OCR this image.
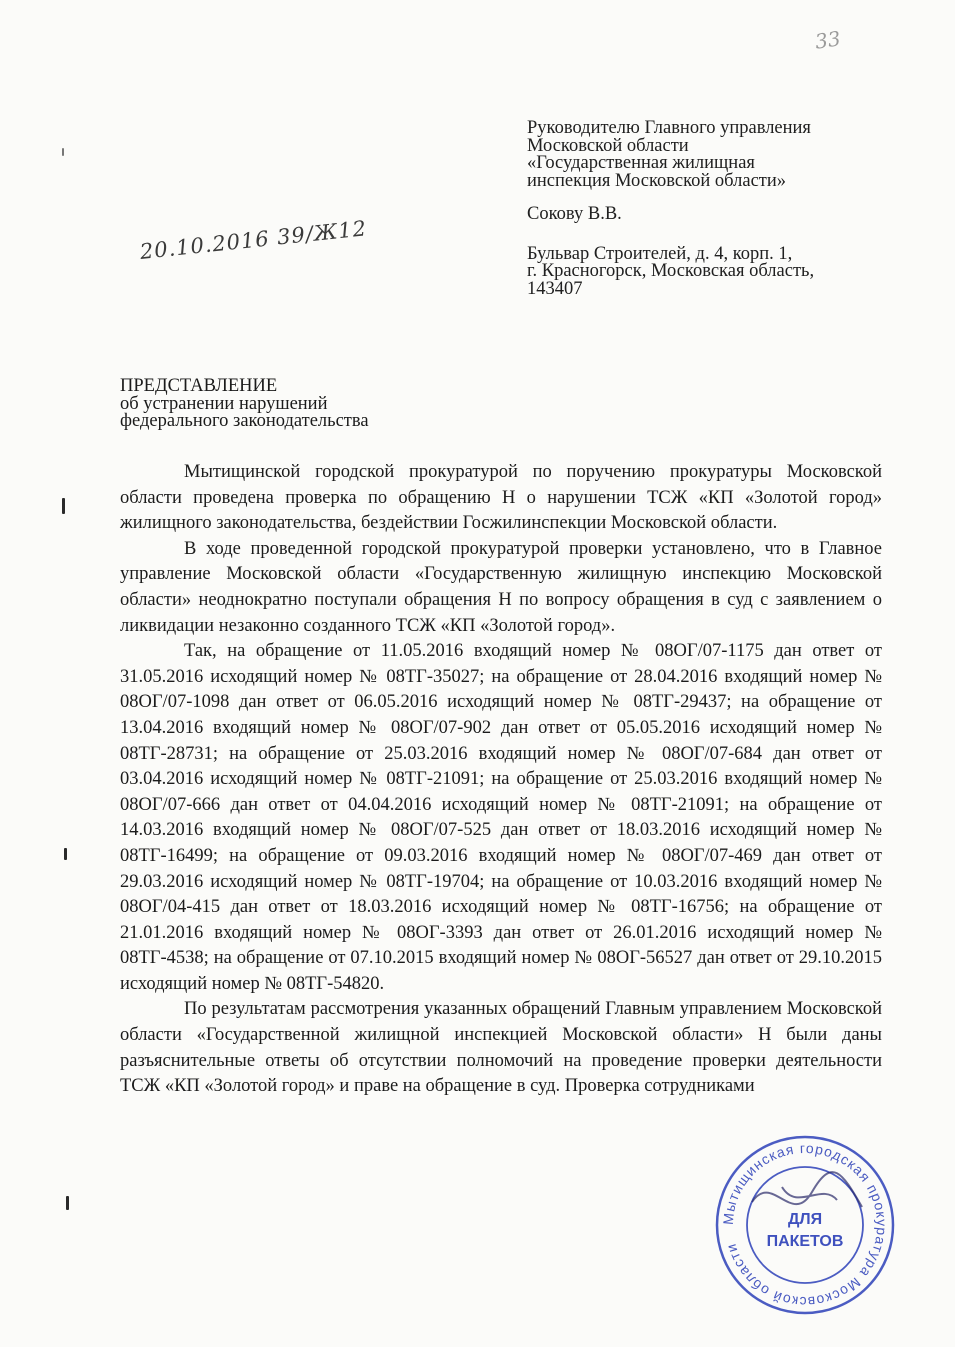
33
Руководителю Главного управления
Московской области
«Государственная жилищная
инспекция Московской области»
Сокову В.В.
Бульвар Строителей, д. 4, корп. 1,
г. Красногорск, Московская область,
143407
20.10.2016 39/Ж12
ПРЕДСТАВЛЕНИЕ
об устранении нарушений
федерального законодательства

Мытищинской городской прокуратурой по поручению прокуратуры Московской области проведена проверка по обращению Н о нарушении ТСЖ «КП «Золотой город» жилищного законодательства, бездействии Госжилинспекции Московской области.

В ходе проведенной городской прокуратурой проверки установлено, что в Главное управление Московской области «Государственную жилищную инспекцию Московской области» неоднократно поступали обращения Н по вопросу обращения в суд с заявлением о ликвидации незаконно созданного ТСЖ «КП «Золотой город».

Так, на обращение от 11.05.2016 входящий номер № 08ОГ/07-1175 дан ответ от 31.05.2016 исходящий номер № 08ТГ-35027; на обращение от 28.04.2016 входящий номер № 08ОГ/07-1098 дан ответ от 06.05.2016 исходящий номер № 08ТГ-29437; на обращение от 13.04.2016 входящий номер № 08ОГ/07-902 дан ответ от 05.05.2016 исходящий номер № 08ТГ-28731; на обращение от 25.03.2016 входящий номер № 08ОГ/07-684 дан ответ от 03.04.2016 исходящий номер № 08ТГ-21091; на обращение от 25.03.2016 входящий номер № 08ОГ/07-666 дан ответ от 04.04.2016 исходящий номер № 08ТГ-21091; на обращение от 14.03.2016 входящий номер № 08ОГ/07-525 дан ответ от 18.03.2016 исходящий номер № 08ТГ-16499; на обращение от 09.03.2016 входящий номер № 08ОГ/07-469 дан ответ от 29.03.2016 исходящий номер № 08ТГ-19704; на обращение от 10.03.2016 входящий номер № 08ОГ/04-415 дан ответ от 18.03.2016 исходящий номер № 08ТГ-16756; на обращение от 21.01.2016 входящий номер № 08ОГ-3393 дан ответ от 26.01.2016 исходящий номер № 08ТГ-4538; на обращение от 07.10.2015 входящий номер № 08ОГ-56527 дан ответ от 29.10.2015 исходящий номер № 08ТГ-54820.

По результатам рассмотрения указанных обращений Главным управлением Московской области «Государственной жилищной инспекцией Московской области» Н были даны разъяснительные ответы об отсутствии полномочий на проведение проверки деятельности ТСЖ «КП «Золотой город» и праве на обращение в суд. Проверка сотрудниками

Мытищинская городская прокуратура Московской области
ДЛЯ
ПАКЕТОВ
